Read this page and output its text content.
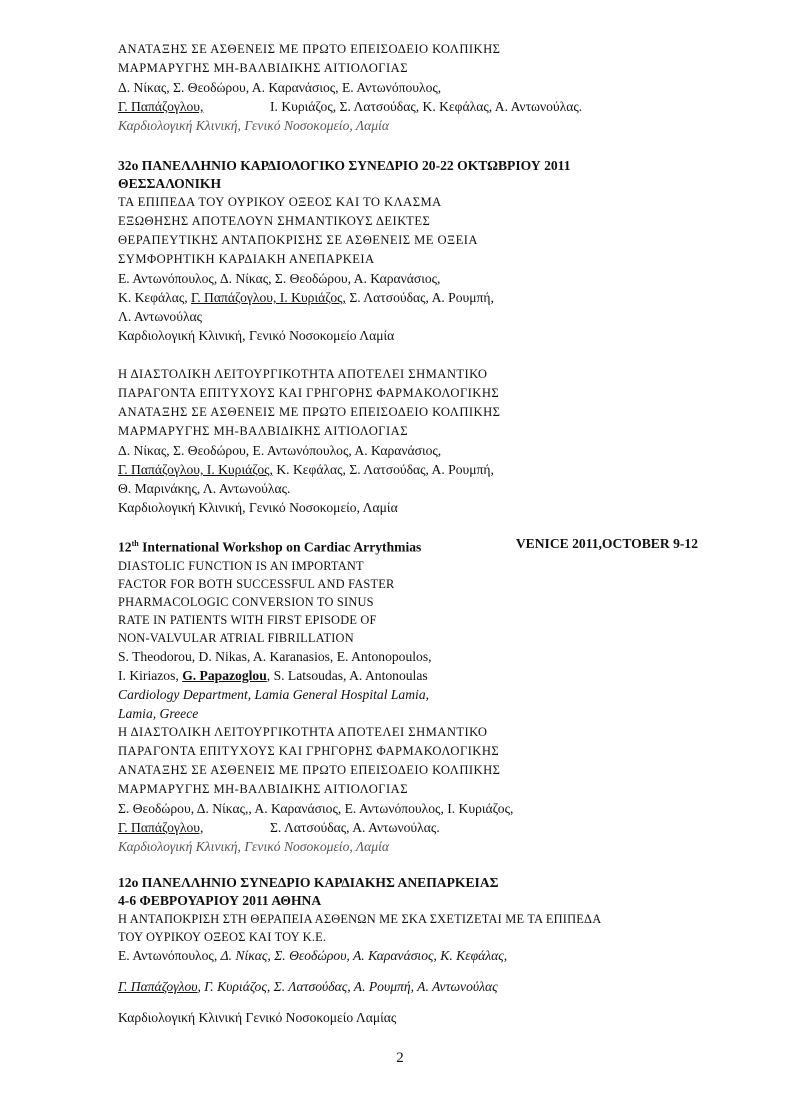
ΑΝΑΤΑΞΗΣ ΣΕ ΑΣΘΕΝΕΙΣ ΜΕ ΠΡΩΤΟ ΕΠΕΙΣΟΔΕΙΟ ΚΟΛΠΙΚΗΣ
ΜΑΡΜΑΡΥΓΗΣ ΜΗ-ΒΑΛΒΙΔΙΚΗΣ ΑΙΤΙΟΛΟΓΙΑΣ
Δ. Νίκας, Σ. Θεοδώρου, Α. Καρανάσιος, Ε. Αντωνόπουλος,
Γ. Παπάζογλου,	Ι. Κυριάζος, Σ. Λατσούδας, Κ. Κεφάλας, Α. Αντωνούλας.
Καρδιολογική Κλινική, Γενικό Νοσοκομείο, Λαμία
32ο ΠΑΝΕΛΛΗΝΙΟ ΚΑΡΔΙΟΛΟΓΙΚΟ ΣΥΝΕΔΡΙΟ 20-22 ΟΚΤΩΒΡΙΟΥ 2011
ΘΕΣΣΑΛΟΝΙΚΗ
ΤΑ ΕΠΙΠΕΔΑ ΤΟΥ ΟΥΡΙΚΟΥ ΟΞΕΟΣ ΚΑΙ ΤΟ ΚΛΑΣΜΑ
ΕΞΩΘΗΣΗΣ ΑΠΟΤΕΛΟΥΝ ΣΗΜΑΝΤΙΚΟΥΣ ΔΕΙΚΤΕΣ
ΘΕΡΑΠΕΥΤΙΚΗΣ ΑΝΤΑΠΟΚΡΙΣΗΣ ΣΕ ΑΣΘΕΝΕΙΣ ΜΕ ΟΞΕΙΑ
ΣΥΜΦΟΡΗΤΙΚΗ ΚΑΡΔΙΑΚΗ ΑΝΕΠΑΡΚΕΙΑ
Ε. Αντωνόπουλος, Δ. Νίκας, Σ. Θεοδώρου, Α. Καρανάσιος,
Κ. Κεφάλας, Γ. Παπάζογλου, Ι. Κυριάζος, Σ. Λατσούδας, Α. Ρουμπή,
Λ. Αντωνούλας
Καρδιολογική Κλινική, Γενικό Νοσοκομείο Λαμία
Η ΔΙΑΣΤΟΛΙΚΗ ΛΕΙΤΟΥΡΓΙΚΟΤΗΤΑ ΑΠΟΤΕΛΕΙ ΣΗΜΑΝΤΙΚΟ
ΠΑΡΑΓΟΝΤΑ ΕΠΙΤΥΧΟΥΣ ΚΑΙ ΓΡΗΓΟΡΗΣ ΦΑΡΜΑΚΟΛΟΓΙΚΗΣ
ΑΝΑΤΑΞΗΣ ΣΕ ΑΣΘΕΝΕΙΣ ΜΕ ΠΡΩΤΟ ΕΠΕΙΣΟΔΕΙΟ ΚΟΛΠΙΚΗΣ
ΜΑΡΜΑΡΥΓΗΣ ΜΗ-ΒΑΛΒΙΔΙΚΗΣ ΑΙΤΙΟΛΟΓΙΑΣ
Δ. Νίκας, Σ. Θεοδώρου, Ε. Αντωνόπουλος, Α. Καρανάσιος,
Γ. Παπάζογλου, Ι. Κυριάζος, Κ. Κεφάλας, Σ. Λατσούδας, Α. Ρουμπή,
Θ. Μαρινάκης, Λ. Αντωνούλας.
Καρδιολογική Κλινική, Γενικό Νοσοκομείο, Λαμία
12th International Workshop on Cardiac Arrythmias	VENICE 2011,OCTOBER 9-12
DIASTOLIC FUNCTION IS AN IMPORTANT
FACTOR FOR BOTH SUCCESSFUL AND FASTER
PHARMACOLOGIC CONVERSION TO SINUS
RATE IN PATIENTS WITH FIRST EPISODE OF
NON-VALVULAR ATRIAL FIBRILLATION
S. Theodorou, D. Nikas, A. Karanasios, E. Antonopoulos,
I. Kiriazos, G. Papazoglou, S. Latsoudas, A. Antonoulas
Cardiology Department, Lamia General Hospital Lamia,
Lamia, Greece
Η ΔΙΑΣΤΟΛΙΚΗ ΛΕΙΤΟΥΡΓΙΚΟΤΗΤΑ ΑΠΟΤΕΛΕΙ ΣΗΜΑΝΤΙΚΟ
ΠΑΡΑΓΟΝΤΑ ΕΠΙΤΥΧΟΥΣ ΚΑΙ ΓΡΗΓΟΡΗΣ ΦΑΡΜΑΚΟΛΟΓΙΚΗΣ
ΑΝΑΤΑΞΗΣ ΣΕ ΑΣΘΕΝΕΙΣ ΜΕ ΠΡΩΤΟ ΕΠΕΙΣΟΔΕΙΟ ΚΟΛΠΙΚΗΣ
ΜΑΡΜΑΡΥΓΗΣ ΜΗ-ΒΑΛΒΙΔΙΚΗΣ ΑΙΤΙΟΛΟΓΙΑΣ
Σ. Θεοδώρου, Δ. Νίκας,, Α. Καρανάσιος, Ε. Αντωνόπουλος, Ι. Κυριάζος,
Γ. Παπάζογλου,	Σ. Λατσούδας, Α. Αντωνούλας.
Καρδιολογική Κλινική, Γενικό Νοσοκομείο, Λαμία
12ο ΠΑΝΕΛΛΗΝΙΟ ΣΥΝΕΔΡΙΟ ΚΑΡΔΙΑΚΗΣ ΑΝΕΠΑΡΚΕΙΑΣ
4-6 ΦΕΒΡΟΥΑΡΙΟΥ 2011 ΑΘΗΝΑ
Η ΑΝΤΑΠΟΚΡΙΣΗ ΣΤΗ ΘΕΡΑΠΕΙΑ ΑΣΘΕΝΩΝ ΜΕ ΣΚΑ ΣΧΕΤΙΖΕΤΑΙ ΜΕ ΤΑ ΕΠΙΠΕΔΑ
ΤΟΥ ΟΥΡΙΚΟΥ ΟΞΕΟΣ ΚΑΙ ΤΟΥ Κ.Ε.
Ε. Αντωνόπουλος, Δ. Νίκας, Σ. Θεοδώρου, Α. Καρανάσιος, Κ. Κεφάλας,
Γ. Παπάζογλου, Γ. Κυριάζος, Σ. Λατσούδας, Α. Ρουμπή, Α. Αντωνούλας
Καρδιολογική Κλινική Γενικό Νοσοκομείο Λαμίας
2
